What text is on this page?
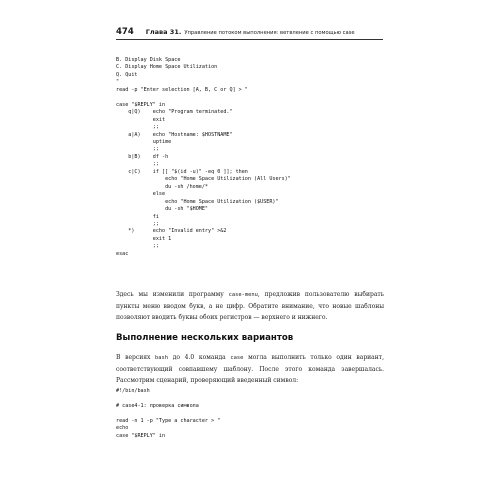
474 Глава 31. Управление потоком выполнения: ветвление с помощью case
B. Display Disk Space
C. Display Home Space Utilization
Q. Quit
"
read -p "Enter selection [A, B, C or Q] > "

case "$REPLY" in
q|Q)    echo "Program terminated."
exit
;;
a|A)    echo "Hostname: $HOSTNAME"
uptime
;;
b|B)    df -h
;;
c|C)    if [[ "$(id -u)" -eq 0 ]]; then
echo "Home Space Utilization (All Users)"
du -sh /home/*
else
echo "Home Space Utilization ($USER)"
du -sh "$HOME"
fi
;;
*)      echo "Invalid entry" >&2
exit 1
;;
esac
Здесь мы изменили программу case-menu, предложив пользователю выбирать пункты меню вводом букв, а не цифр. Обратите внимание, что новые шаблоны позволяют вводить буквы обоих регистров — верхнего и нижнего.
Выполнение нескольких вариантов
В версиях bash до 4.0 команда case могла выполнить только один вариант, соответствующий совпавшему шаблону. После этого команда завершалась. Рассмотрим сценарий, проверяющий введенный символ:
#!/bin/bash

# case4-1: проверка символа

read -n 1 -p "Type a character > "
echo
case "$REPLY" in
